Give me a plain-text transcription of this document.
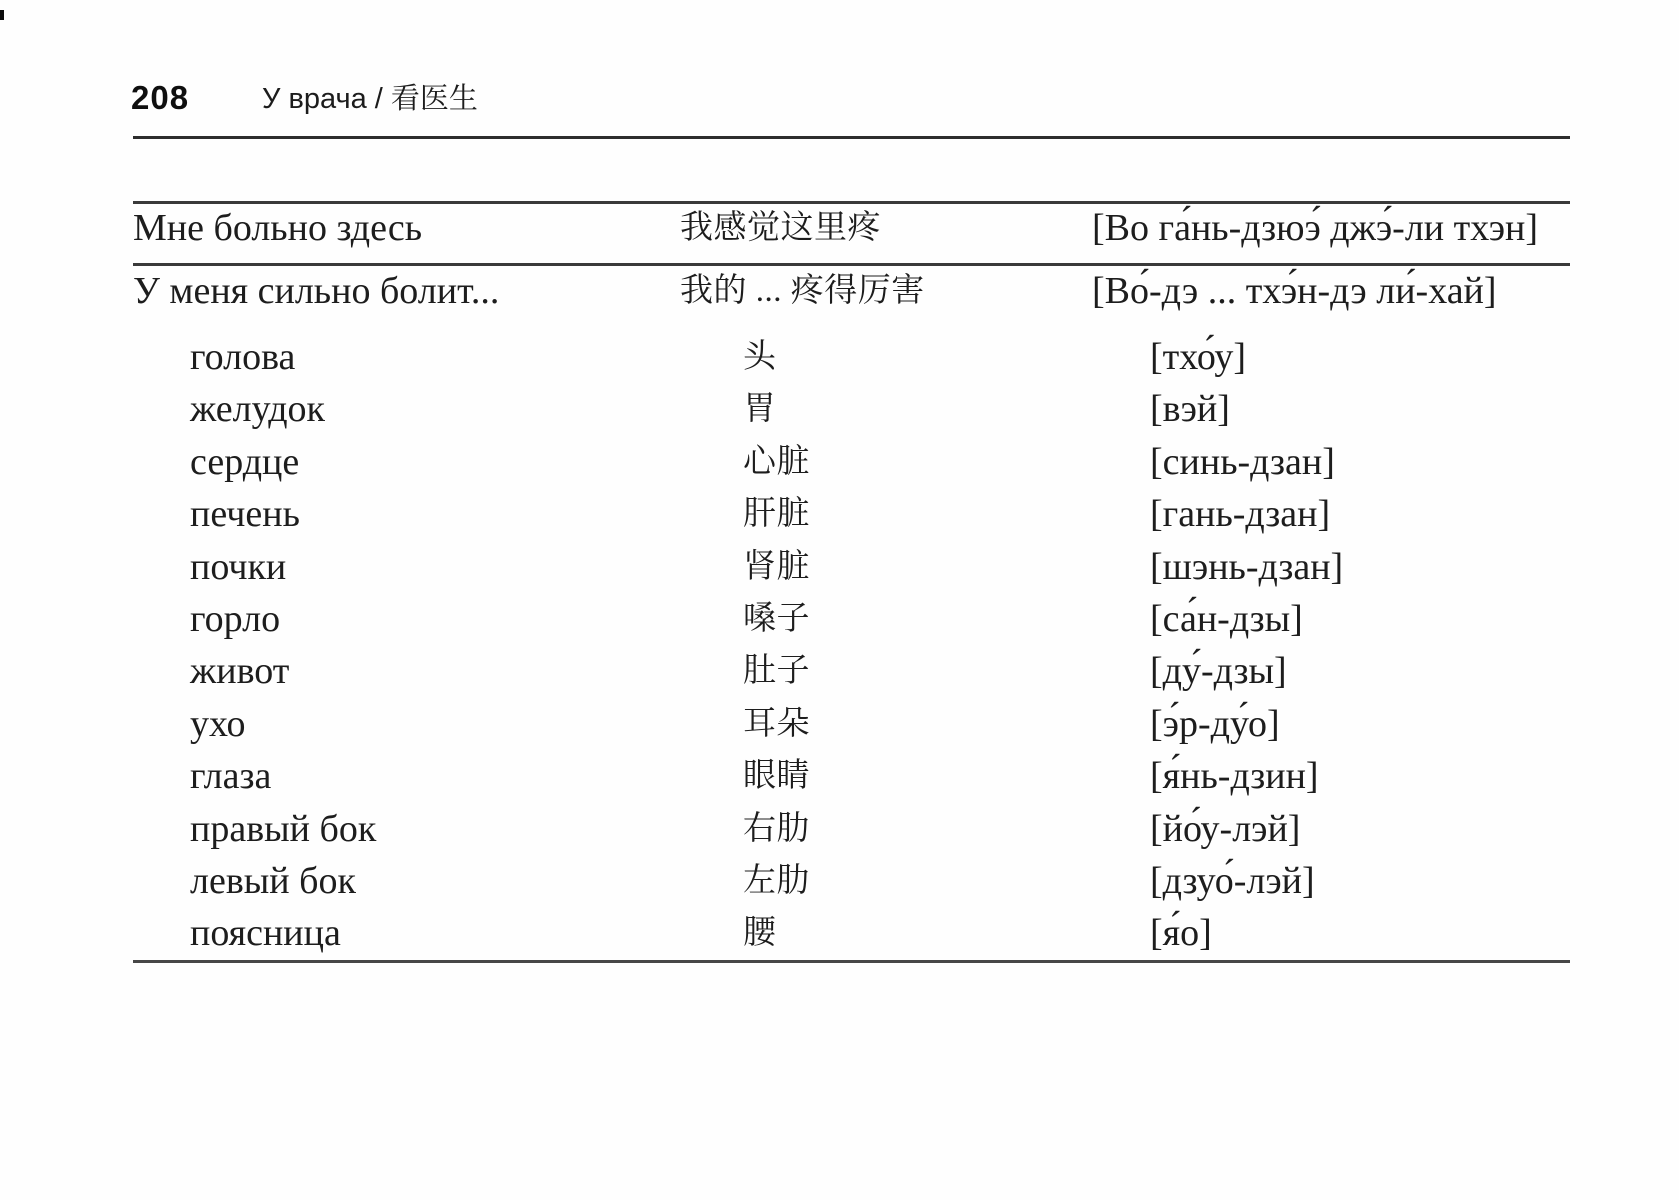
208	У врача / 看医生
Мне больно здесь	我感觉这里疼	[Во га́нь-дзюэ́ джэ́-ли тхэн]
У меня сильно болит...	我的 ... 疼得厉害	[Во́-дэ ... тхэ́н-дэ ли́-хай]
голова	头	[тхо́у]
желудок	胃	[вэй]
сердце	心脏	[синь-дзан]
печень	肝脏	[гань-дзан]
почки	肾脏	[шэнь-дзан]
горло	嗓子	[са́н-дзы]
живот	肚子	[ду́-дзы]
ухо	耳朵	[э́р-ду́о]
глаза	眼睛	[я́нь-дзин]
правый бок	右肋	[йо́у-лэй]
левый бок	左肋	[дзуо́-лэй]
поясница	腰	[я́о]
